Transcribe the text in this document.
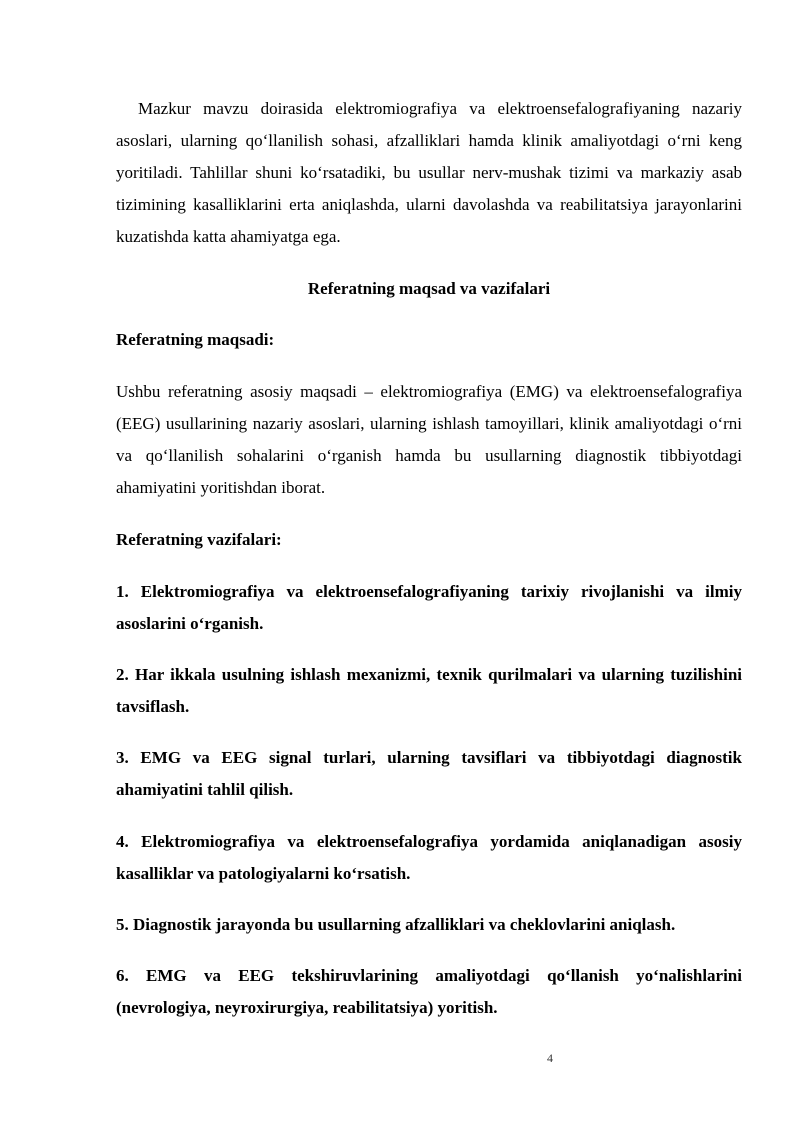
Mazkur mavzu doirasida elektromiografiya va elektroensefalografiyaning nazariy asoslari, ularning qo‘llanilish sohasi, afzalliklari hamda klinik amaliyotdagi o‘rni keng yoritiladi. Tahlillar shuni ko‘rsatadiki, bu usullar nerv-mushak tizimi va markaziy asab tizimining kasalliklarini erta aniqlashda, ularni davolashda va reabilitatsiya jarayonlarini kuzatishda katta ahamiyatga ega.

Referatning maqsad va vazifalari

Referatning maqsadi:

Ushbu referatning asosiy maqsadi – elektromiografiya (EMG) va elektroensefalografiya (EEG) usullarining nazariy asoslari, ularning ishlash tamoyillari, klinik amaliyotdagi o‘rni va qo‘llanilish sohalarini o‘rganish hamda bu usullarning diagnostik tibbiyotdagi ahamiyatini yoritishdan iborat.

Referatning vazifalari:

1. Elektromiografiya va elektroensefalografiyaning tarixiy rivojlanishi va ilmiy asoslarini o‘rganish.

2. Har ikkala usulning ishlash mexanizmi, texnik qurilmalari va ularning tuzilishini tavsiflash.

3. EMG va EEG signal turlari, ularning tavsiflari va tibbiyotdagi diagnostik ahamiyatini tahlil qilish.

4. Elektromiografiya va elektroensefalografiya yordamida aniqlanadigan asosiy kasalliklar va patologiyalarni ko‘rsatish.

5. Diagnostik jarayonda bu usullarning afzalliklari va cheklovlarini aniqlash.

6. EMG va EEG tekshiruvlarining amaliyotdagi qo‘llanish yo‘nalishlarini (nevrologiya, neyroxirurgiya, reabilitatsiya) yoritish.

4
